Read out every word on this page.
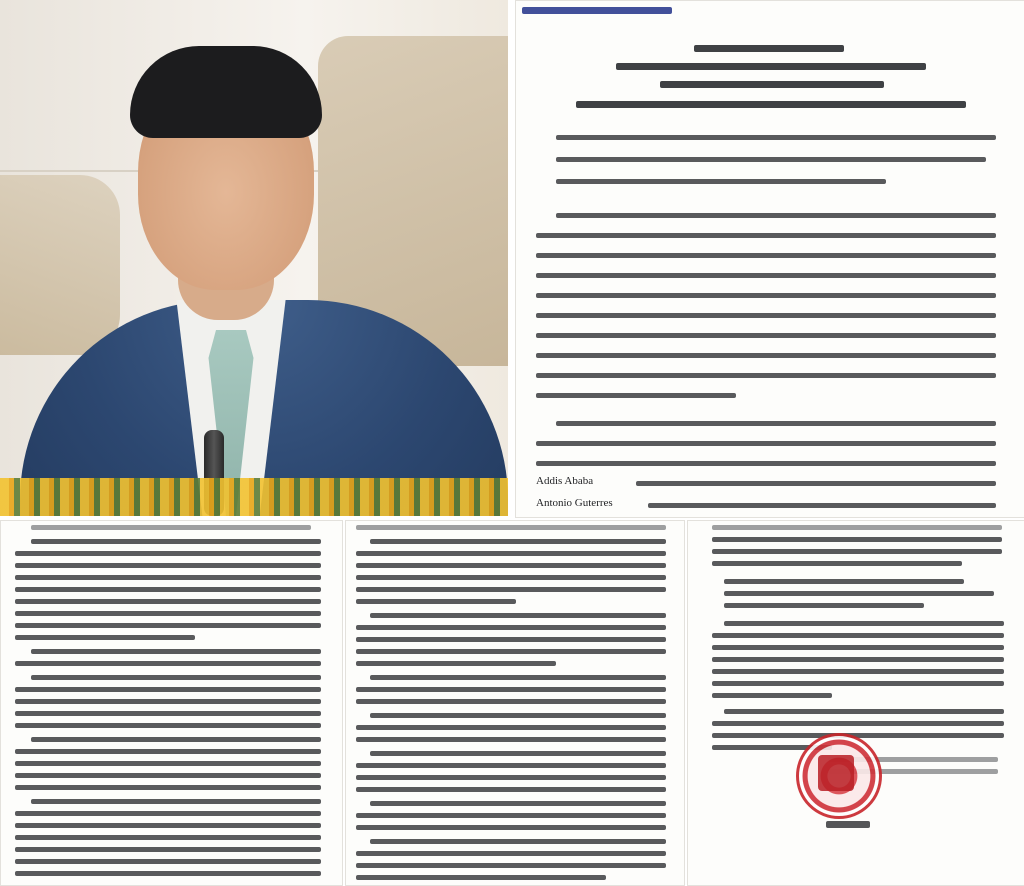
Addis Ababa
Antonio Guterres
